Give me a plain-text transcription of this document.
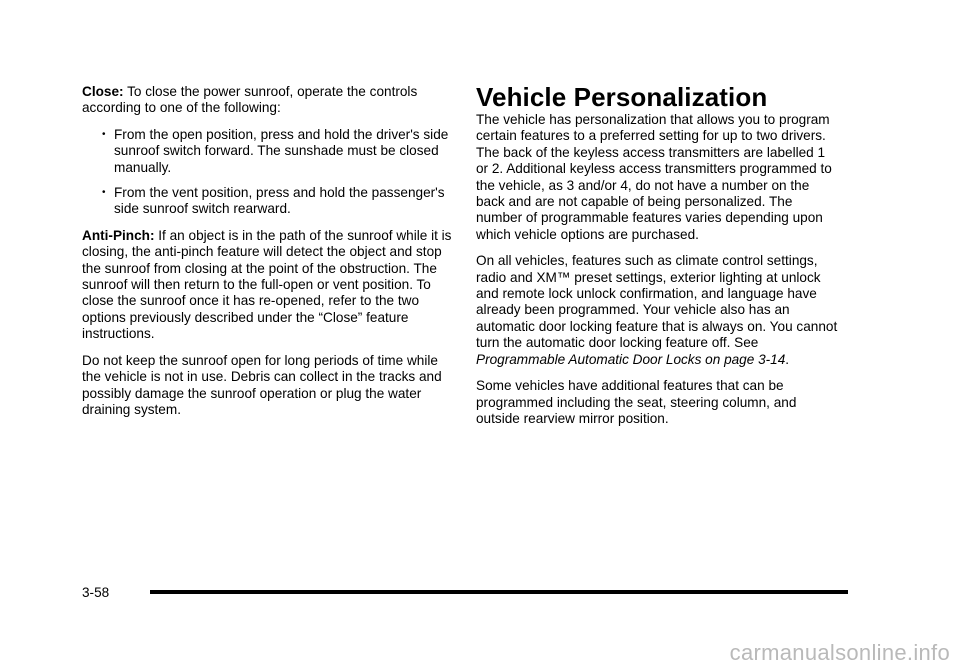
Close: To close the power sunroof, operate the controls according to one of the following:

• From the open position, press and hold the driver's side sunroof switch forward. The sunshade must be closed manually.
• From the vent position, press and hold the passenger's side sunroof switch rearward.

Anti-Pinch: If an object is in the path of the sunroof while it is closing, the anti-pinch feature will detect the object and stop the sunroof from closing at the point of the obstruction. The sunroof will then return to the full-open or vent position. To close the sunroof once it has re-opened, refer to the two options previously described under the “Close” feature instructions.

Do not keep the sunroof open for long periods of time while the vehicle is not in use. Debris can collect in the tracks and possibly damage the sunroof operation or plug the water draining system.

Vehicle Personalization

The vehicle has personalization that allows you to program certain features to a preferred setting for up to two drivers. The back of the keyless access transmitters are labelled 1 or 2. Additional keyless access transmitters programmed to the vehicle, as 3 and/or 4, do not have a number on the back and are not capable of being personalized. The number of programmable features varies depending upon which vehicle options are purchased.

On all vehicles, features such as climate control settings, radio and XM™ preset settings, exterior lighting at unlock and remote lock unlock confirmation, and language have already been programmed. Your vehicle also has an automatic door locking feature that is always on. You cannot turn the automatic door locking feature off. See Programmable Automatic Door Locks on page 3-14.

Some vehicles have additional features that can be programmed including the seat, steering column, and outside rearview mirror position.

3-58
carmanualsonline.info
